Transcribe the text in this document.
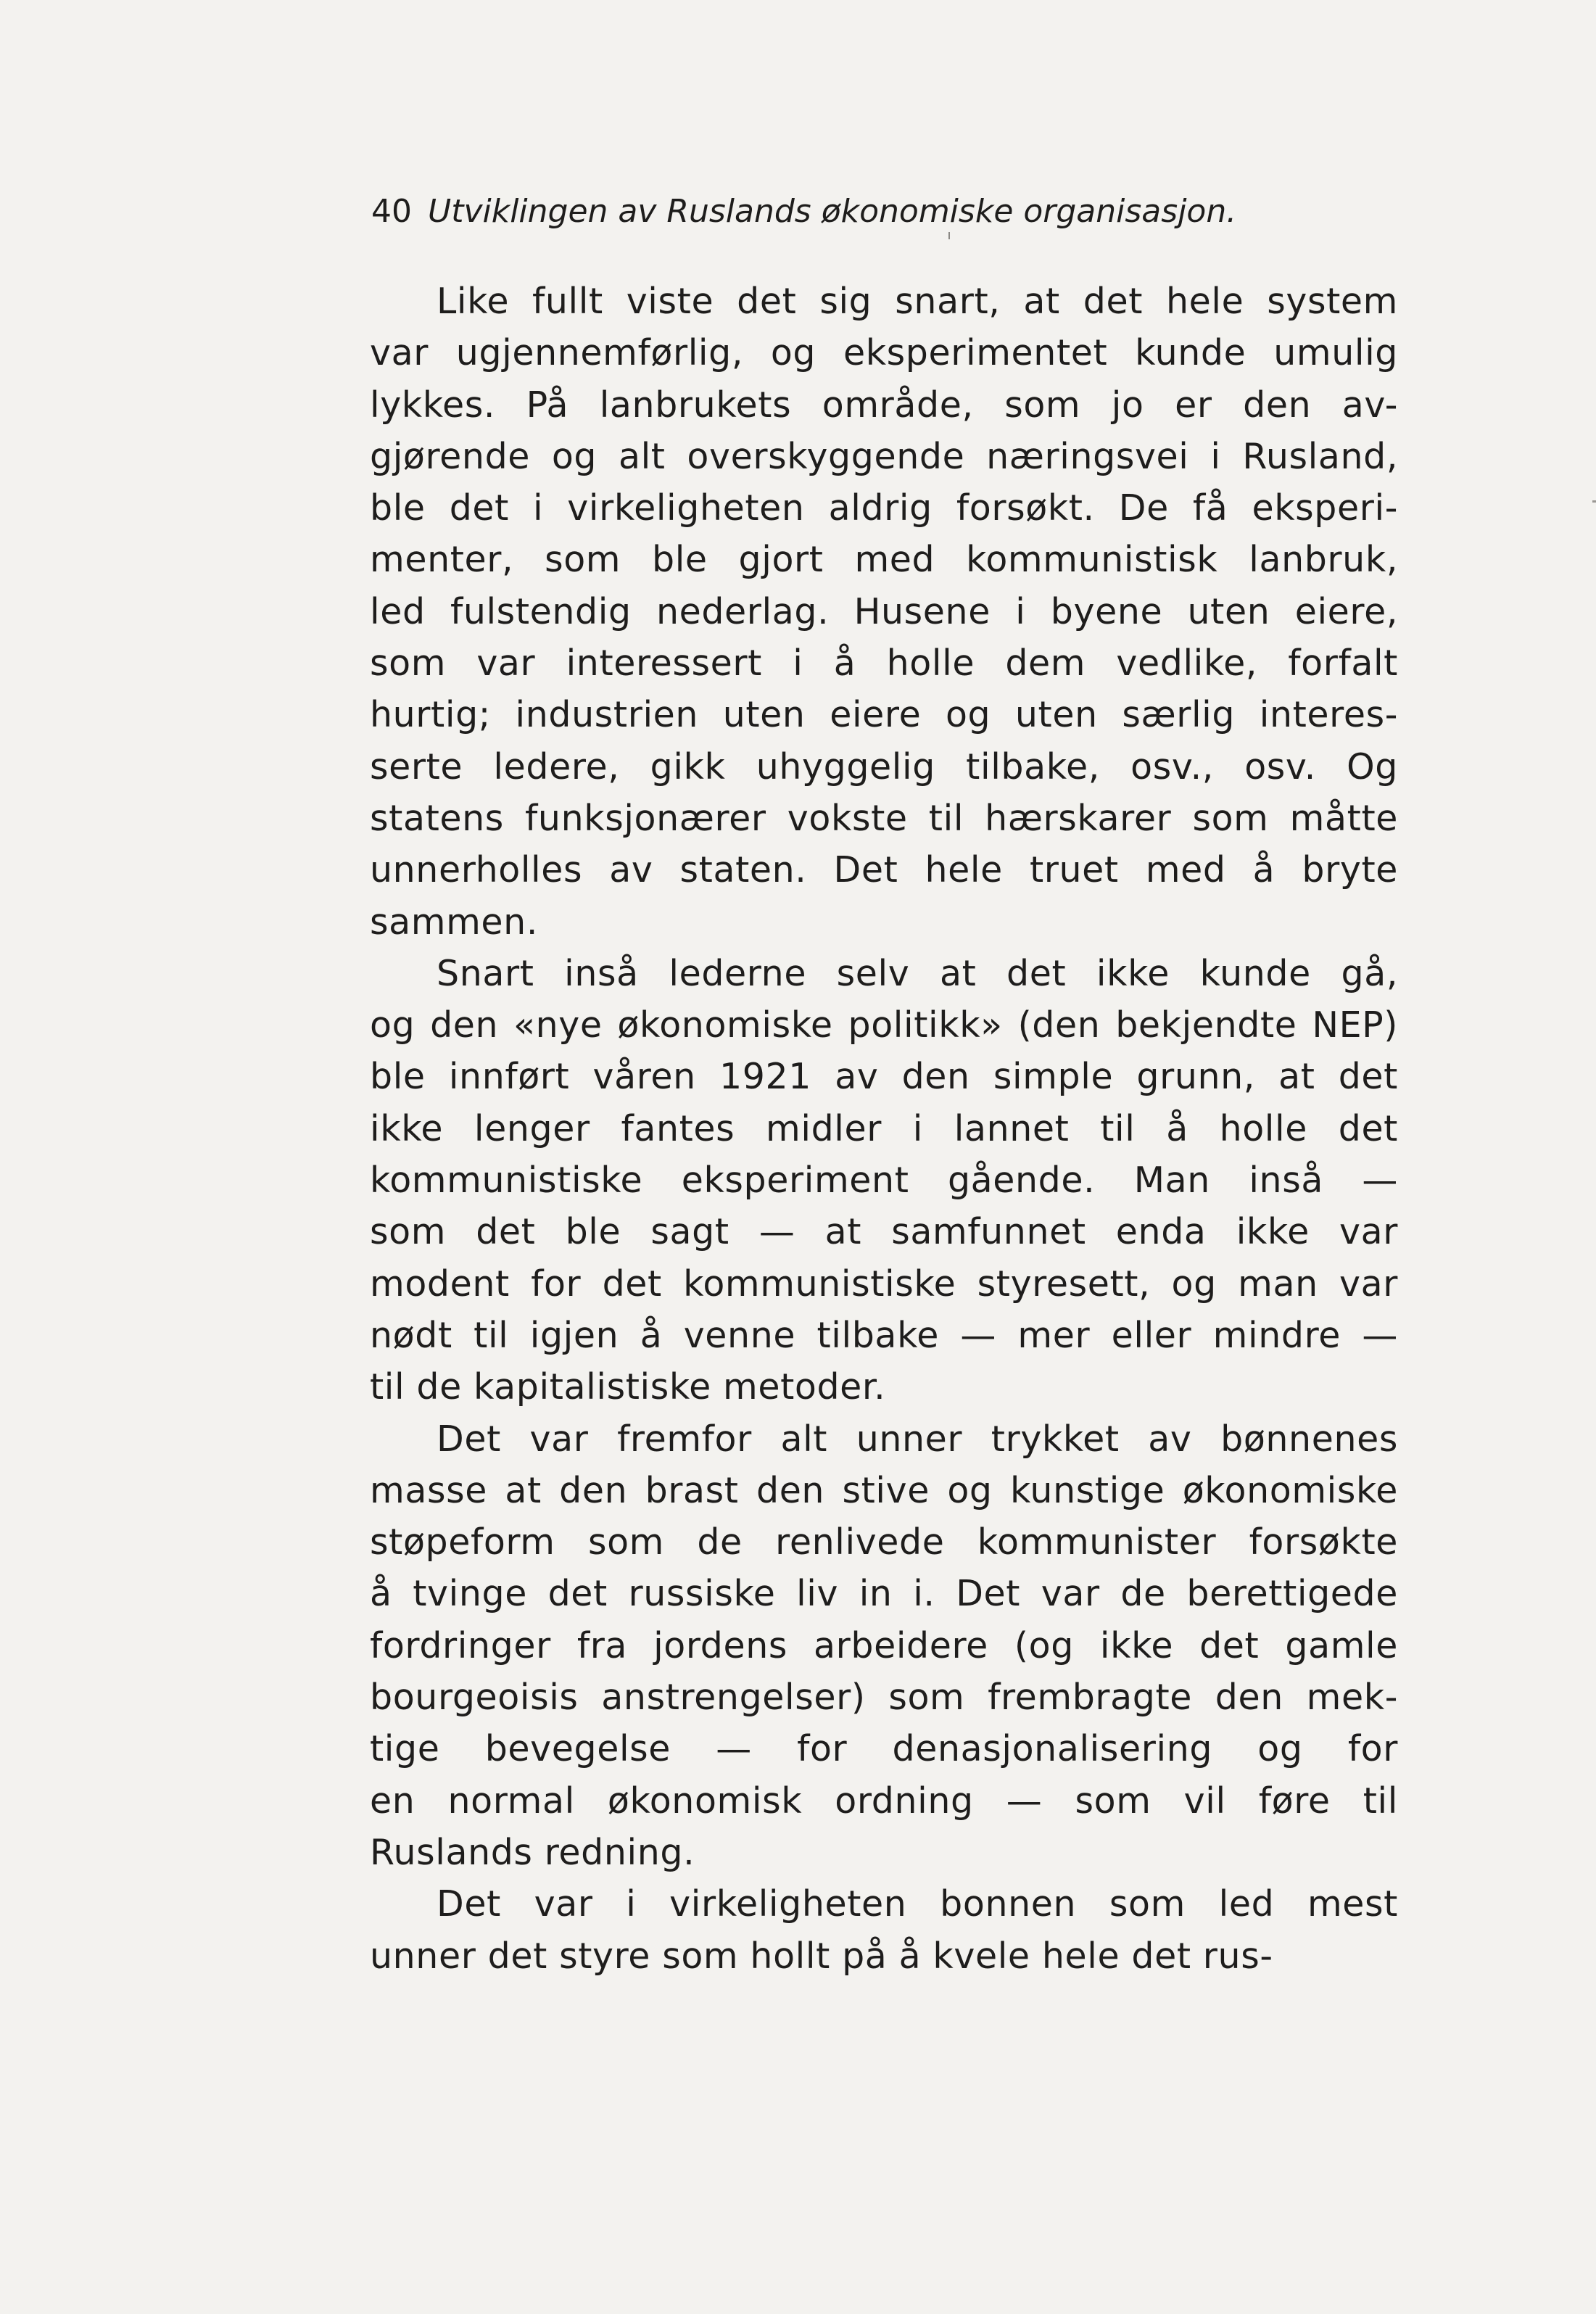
40 Utviklingen av Ruslands økonomiske organisasjon.

Like fullt viste det sig snart, at det hele system
var ugjennemførlig, og eksperimentet kunde umulig
lykkes. På lanbrukets område, som jo er den av-
gjørende og alt overskyggende næringsvei i Rusland,
ble det i virkeligheten aldrig forsøkt. De få eksperi-
menter, som ble gjort med kommunistisk lanbruk,
led fulstendig nederlag. Husene i byene uten eiere,
som var interessert i å holle dem vedlike, forfalt
hurtig; industrien uten eiere og uten særlig interes-
serte ledere, gikk uhyggelig tilbake, osv., osv. Og
statens funksjonærer vokste til hærskarer som måtte
unnerholles av staten. Det hele truet med å bryte
sammen.

Snart inså lederne selv at det ikke kunde gå,
og den «nye økonomiske politikk» (den bekjendte NEP)
ble innført våren 1921 av den simple grunn, at det
ikke lenger fantes midler i lannet til å holle det
kommunistiske eksperiment gående. Man inså —
som det ble sagt — at samfunnet enda ikke var
modent for det kommunistiske styresett, og man var
nødt til igjen å venne tilbake — mer eller mindre —
til de kapitalistiske metoder.

Det var fremfor alt unner trykket av bønnenes
masse at den brast den stive og kunstige økonomiske
støpeform som de renlivede kommunister forsøkte
å tvinge det russiske liv in i. Det var de berettigede
fordringer fra jordens arbeidere (og ikke det gamle
bourgeoisis anstrengelser) som frembragte den mek-
tige bevegelse — for denasjonalisering og for
en normal økonomisk ordning — som vil føre til
Ruslands redning.

Det var i virkeligheten bonnen som led mest
unner det styre som hollt på å kvele hele det rus-
